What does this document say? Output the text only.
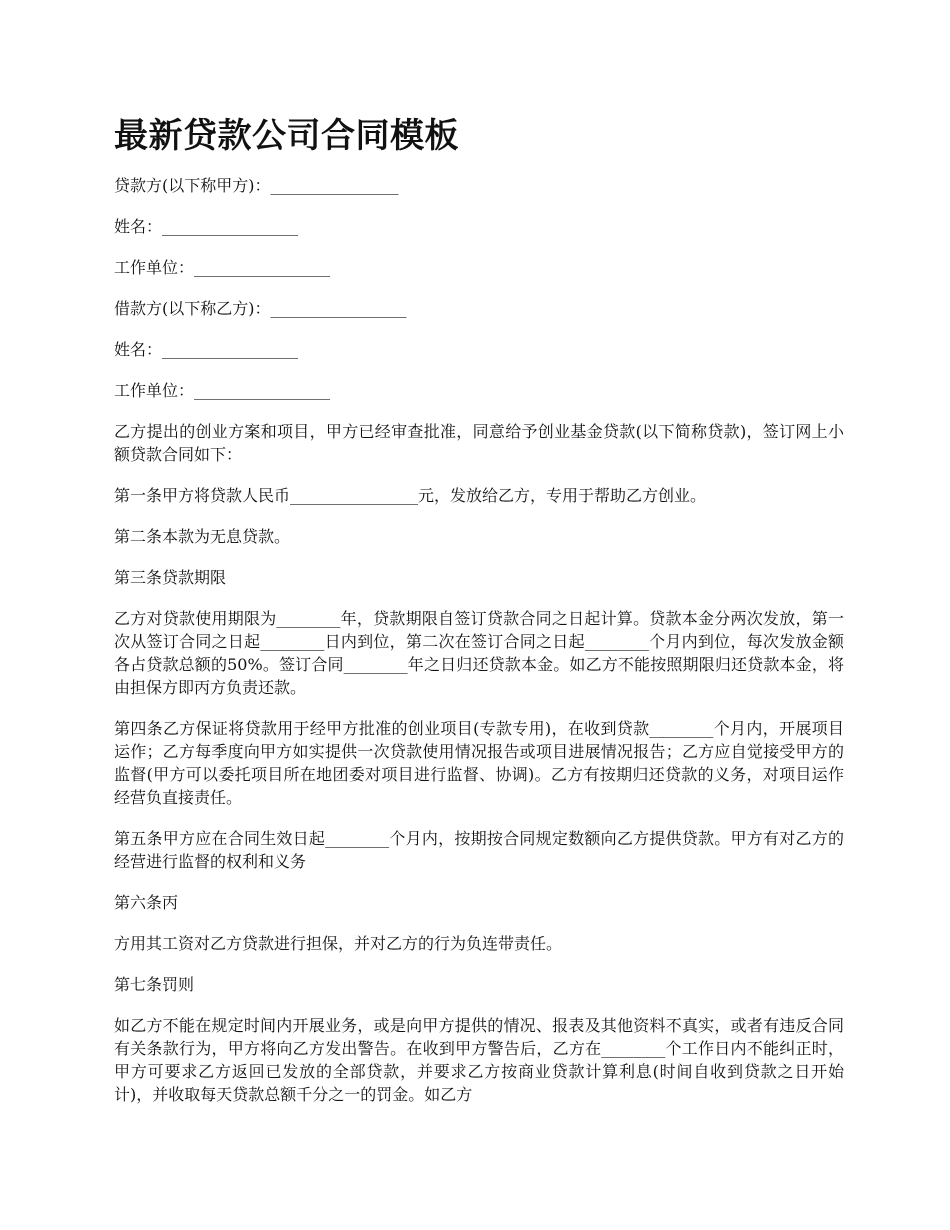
最新贷款公司合同模板

贷款方(以下称甲方)：________________

姓名：_________________

工作单位：_________________

借款方(以下称乙方)：_________________

姓名：_________________

工作单位：_________________

乙方提出的创业方案和项目，甲方已经审查批准，同意给予创业基金贷款(以下简称贷款)，签订网上小额贷款合同如下：

第一条甲方将贷款人民币________________元，发放给乙方，专用于帮助乙方创业。

第二条本款为无息贷款。

第三条贷款期限

乙方对贷款使用期限为________年，贷款期限自签订贷款合同之日起计算。贷款本金分两次发放，第一次从签订合同之日起________日内到位，第二次在签订合同之日起________个月内到位，每次发放金额各占贷款总额的50%。签订合同________年之日归还贷款本金。如乙方不能按照期限归还贷款本金，将由担保方即丙方负责还款。

第四条乙方保证将贷款用于经甲方批准的创业项目(专款专用)，在收到贷款________个月内，开展项目运作；乙方每季度向甲方如实提供一次贷款使用情况报告或项目进展情况报告；乙方应自觉接受甲方的监督(甲方可以委托项目所在地团委对项目进行监督、协调)。乙方有按期归还贷款的义务，对项目运作经营负直接责任。

第五条甲方应在合同生效日起________个月内，按期按合同规定数额向乙方提供贷款。甲方有对乙方的经营进行监督的权利和义务

第六条丙

方用其工资对乙方贷款进行担保，并对乙方的行为负连带责任。

第七条罚则

如乙方不能在规定时间内开展业务，或是向甲方提供的情况、报表及其他资料不真实，或者有违反合同有关条款行为，甲方将向乙方发出警告。在收到甲方警告后，乙方在________个工作日内不能纠正时，甲方可要求乙方返回已发放的全部贷款，并要求乙方按商业贷款计算利息(时间自收到贷款之日开始计)，并收取每天贷款总额千分之一的罚金。如乙方
